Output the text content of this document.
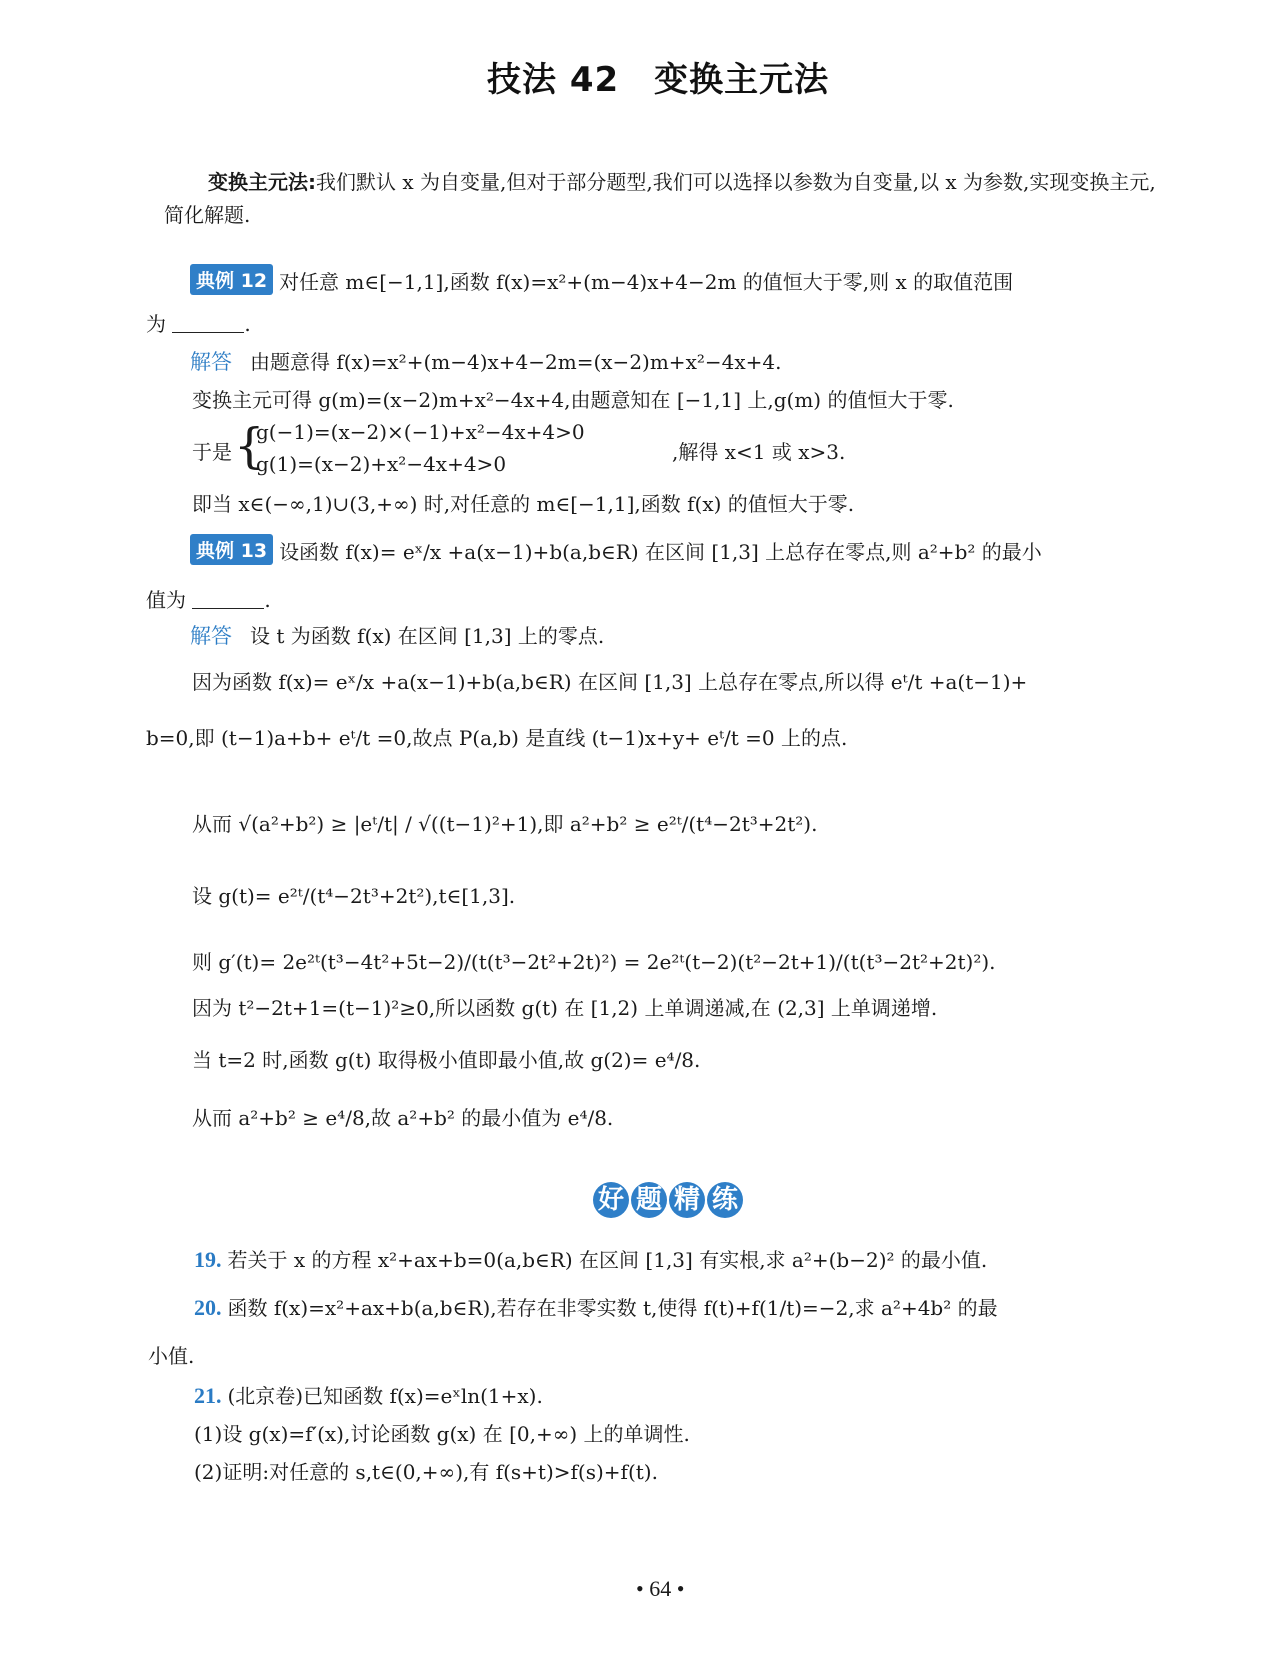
技法 42　变换主元法
变换主元法:我们默认 x 为自变量,但对于部分题型,我们可以选择以参数为自变量,以 x 为参数,实现变换主元,简化解题.
典例 12 对任意 m∈[−1,1],函数 f(x)=x²+(m−4)x+4−2m 的值恒大于零,则 x 的取值范围
为	.
解答 由题意得 f(x)=x²+(m−4)x+4−2m=(x−2)m+x²−4x+4.
变换主元可得 g(m)=(x−2)m+x²−4x+4,由题意知在 [−1,1] 上,g(m) 的值恒大于零.
于是 {
g(−1)=(x−2)×(−1)+x²−4x+4>0
g(1)=(x−2)+x²−4x+4>0	,解得 x<1 或 x>3.
即当 x∈(−∞,1)∪(3,+∞) 时,对任意的 m∈[−1,1],函数 f(x) 的值恒大于零.
典例 13 设函数 f(x)= eˣ/x +a(x−1)+b(a,b∈R) 在区间 [1,3] 上总存在零点,则 a²+b² 的最小
值为	.
解答 设 t 为函数 f(x) 在区间 [1,3] 上的零点.
因为函数 f(x)= eˣ/x +a(x−1)+b(a,b∈R) 在区间 [1,3] 上总存在零点,所以得 eᵗ/t +a(t−1)+
b=0,即 (t−1)a+b+ eᵗ/t =0,故点 P(a,b) 是直线 (t−1)x+y+ eᵗ/t =0 上的点.
从而 √(a²+b²) ≥ |eᵗ/t| / √((t−1)²+1),即 a²+b² ≥ e²ᵗ/(t⁴−2t³+2t²).
设 g(t)= e²ᵗ/(t⁴−2t³+2t²),t∈[1,3].
则 g′(t)= 2e²ᵗ(t³−4t²+5t−2)/(t(t³−2t²+2t)²) = 2e²ᵗ(t−2)(t²−2t+1)/(t(t³−2t²+2t)²).
因为 t²−2t+1=(t−1)²≥0,所以函数 g(t) 在 [1,2) 上单调递减,在 (2,3] 上单调递增.
当 t=2 时,函数 g(t) 取得极小值即最小值,故 g(2)= e⁴/8.
从而 a²+b² ≥ e⁴/8,故 a²+b² 的最小值为 e⁴/8.
好 题 精 练
19. 若关于 x 的方程 x²+ax+b=0(a,b∈R) 在区间 [1,3] 有实根,求 a²+(b−2)² 的最小值.
20. 函数 f(x)=x²+ax+b(a,b∈R),若存在非零实数 t,使得 f(t)+f(1/t)=−2,求 a²+4b² 的最
小值.
21. (北京卷)已知函数 f(x)=eˣln(1+x).
(1)设 g(x)=f′(x),讨论函数 g(x) 在 [0,+∞) 上的单调性.
(2)证明:对任意的 s,t∈(0,+∞),有 f(s+t)>f(s)+f(t).
• 64 •
